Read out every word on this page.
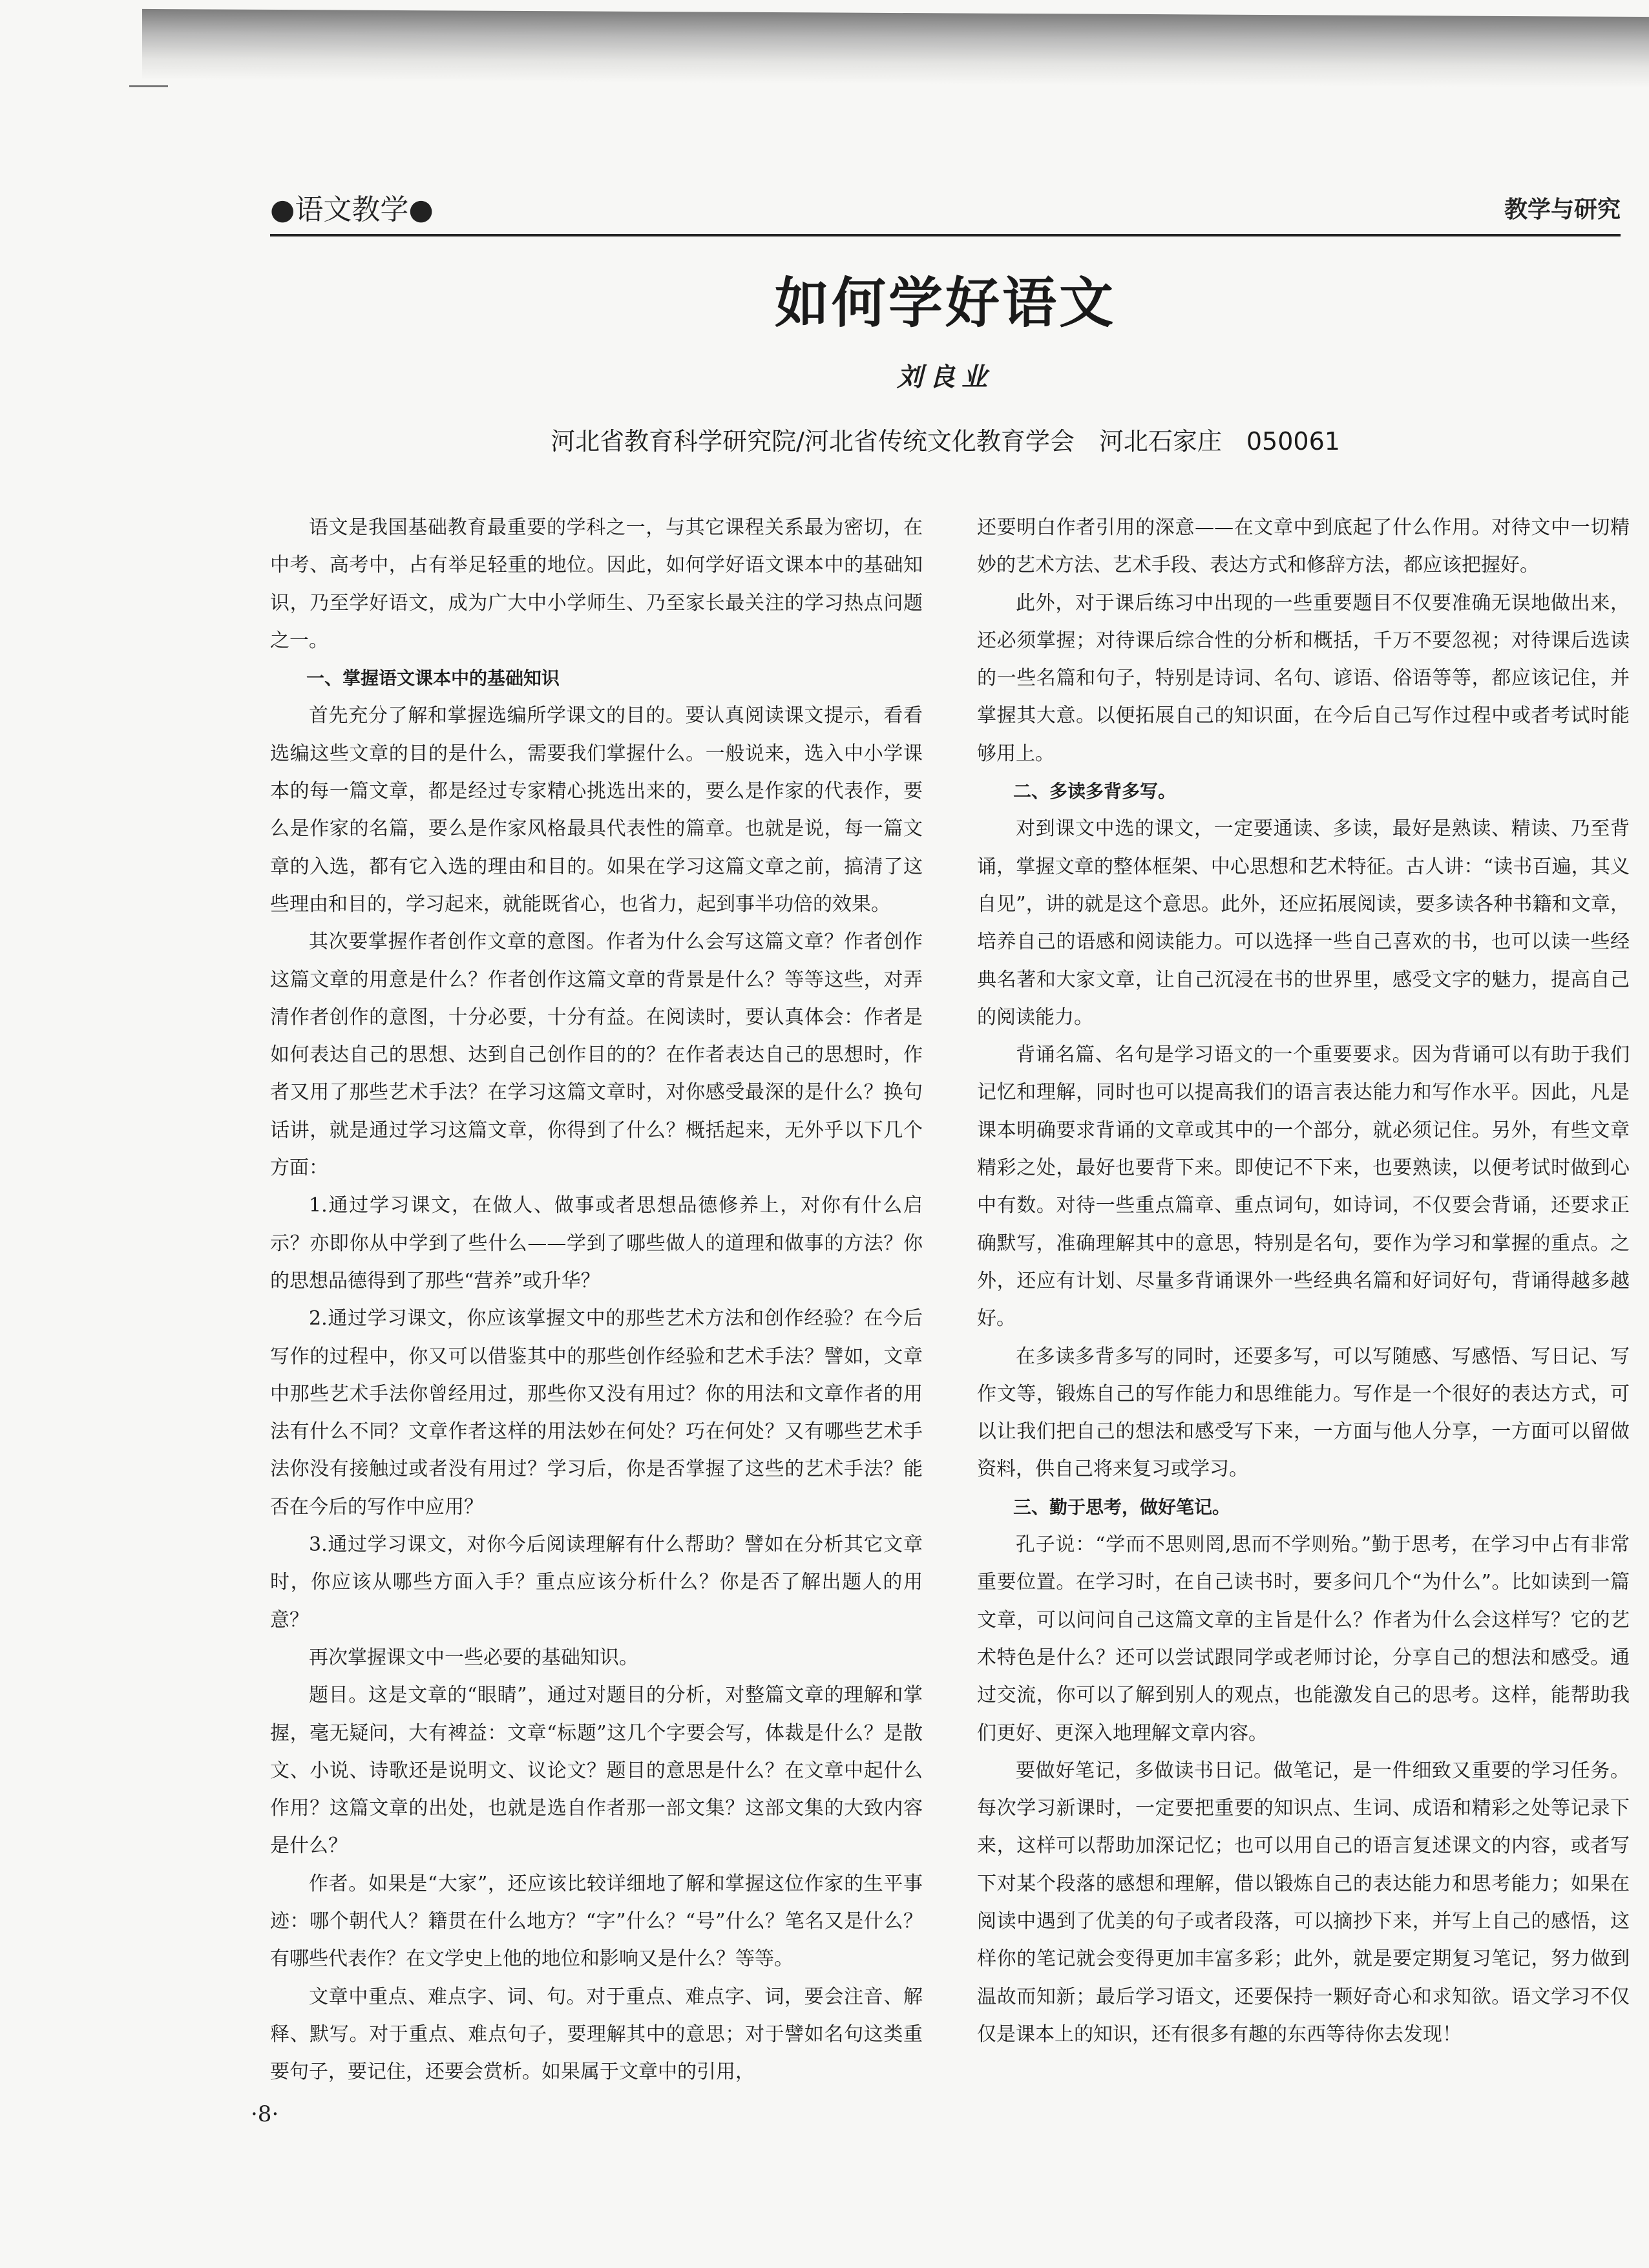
●语文教学●	教学与研究
如何学好语文
刘良业
河北省教育科学研究院/河北省传统文化教育学会　河北石家庄　050061

语文是我国基础教育最重要的学科之一，与其它课程关系最为密切，在中考、高考中，占有举足轻重的地位。因此，如何学好语文课本中的基础知识，乃至学好语文，成为广大中小学师生、乃至家长最关注的学习热点问题之一。

一、掌握语文课本中的基础知识

首先充分了解和掌握选编所学课文的目的。要认真阅读课文提示，看看选编这些文章的目的是什么，需要我们掌握什么。一般说来，选入中小学课本的每一篇文章，都是经过专家精心挑选出来的，要么是作家的代表作，要么是作家的名篇，要么是作家风格最具代表性的篇章。也就是说，每一篇文章的入选，都有它入选的理由和目的。如果在学习这篇文章之前，搞清了这些理由和目的，学习起来，就能既省心，也省力，起到事半功倍的效果。

其次要掌握作者创作文章的意图。作者为什么会写这篇文章？作者创作这篇文章的用意是什么？作者创作这篇文章的背景是什么？等等这些，对弄清作者创作的意图，十分必要，十分有益。在阅读时，要认真体会：作者是如何表达自己的思想、达到自己创作目的的？在作者表达自己的思想时，作者又用了那些艺术手法？在学习这篇文章时，对你感受最深的是什么？换句话讲，就是通过学习这篇文章，你得到了什么？概括起来，无外乎以下几个方面：

1.通过学习课文，在做人、做事或者思想品德修养上，对你有什么启示？亦即你从中学到了些什么——学到了哪些做人的道理和做事的方法？你的思想品德得到了那些“营养”或升华？

2.通过学习课文，你应该掌握文中的那些艺术方法和创作经验？在今后写作的过程中，你又可以借鉴其中的那些创作经验和艺术手法？譬如，文章中那些艺术手法你曾经用过，那些你又没有用过？你的用法和文章作者的用法有什么不同？文章作者这样的用法妙在何处？巧在何处？又有哪些艺术手法你没有接触过或者没有用过？学习后，你是否掌握了这些的艺术手法？能否在今后的写作中应用？

3.通过学习课文，对你今后阅读理解有什么帮助？譬如在分析其它文章时，你应该从哪些方面入手？重点应该分析什么？你是否了解出题人的用意？

再次掌握课文中一些必要的基础知识。

题目。这是文章的“眼睛”，通过对题目的分析，对整篇文章的理解和掌握，毫无疑问，大有裨益：文章“标题”这几个字要会写，体裁是什么？是散文、小说、诗歌还是说明文、议论文？题目的意思是什么？在文章中起什么作用？这篇文章的出处，也就是选自作者那一部文集？这部文集的大致内容是什么？

作者。如果是“大家”，还应该比较详细地了解和掌握这位作家的生平事迹：哪个朝代人？籍贯在什么地方？“字”什么？“号”什么？笔名又是什么？有哪些代表作？在文学史上他的地位和影响又是什么？等等。

文章中重点、难点字、词、句。对于重点、难点字、词，要会注音、解释、默写。对于重点、难点句子，要理解其中的意思；对于譬如名句这类重要句子，要记住，还要会赏析。如果属于文章中的引用，

还要明白作者引用的深意——在文章中到底起了什么作用。对待文中一切精妙的艺术方法、艺术手段、表达方式和修辞方法，都应该把握好。

此外，对于课后练习中出现的一些重要题目不仅要准确无误地做出来，还必须掌握；对待课后综合性的分析和概括，千万不要忽视；对待课后选读的一些名篇和句子，特别是诗词、名句、谚语、俗语等等，都应该记住，并掌握其大意。以便拓展自己的知识面，在今后自己写作过程中或者考试时能够用上。

二、多读多背多写。

对到课文中选的课文，一定要通读、多读，最好是熟读、精读、乃至背诵，掌握文章的整体框架、中心思想和艺术特征。古人讲：“读书百遍，其义自见”，讲的就是这个意思。此外，还应拓展阅读，要多读各种书籍和文章，培养自己的语感和阅读能力。可以选择一些自己喜欢的书，也可以读一些经典名著和大家文章，让自己沉浸在书的世界里，感受文字的魅力，提高自己的阅读能力。

背诵名篇、名句是学习语文的一个重要要求。因为背诵可以有助于我们记忆和理解，同时也可以提高我们的语言表达能力和写作水平。因此，凡是课本明确要求背诵的文章或其中的一个部分，就必须记住。另外，有些文章精彩之处，最好也要背下来。即使记不下来，也要熟读，以便考试时做到心中有数。对待一些重点篇章、重点词句，如诗词，不仅要会背诵，还要求正确默写，准确理解其中的意思，特别是名句，要作为学习和掌握的重点。之外，还应有计划、尽量多背诵课外一些经典名篇和好词好句，背诵得越多越好。

在多读多背多写的同时，还要多写，可以写随感、写感悟、写日记、写作文等，锻炼自己的写作能力和思维能力。写作是一个很好的表达方式，可以让我们把自己的想法和感受写下来，一方面与他人分享，一方面可以留做资料，供自己将来复习或学习。

三、勤于思考，做好笔记。

孔子说：“学而不思则罔,思而不学则殆。”勤于思考，在学习中占有非常重要位置。在学习时，在自己读书时，要多问几个“为什么”。比如读到一篇文章，可以问问自己这篇文章的主旨是什么？作者为什么会这样写？它的艺术特色是什么？还可以尝试跟同学或老师讨论，分享自己的想法和感受。通过交流，你可以了解到别人的观点，也能激发自己的思考。这样，能帮助我们更好、更深入地理解文章内容。

要做好笔记，多做读书日记。做笔记，是一件细致又重要的学习任务。每次学习新课时，一定要把重要的知识点、生词、成语和精彩之处等记录下来，这样可以帮助加深记忆；也可以用自己的语言复述课文的内容，或者写下对某个段落的感想和理解，借以锻炼自己的表达能力和思考能力；如果在阅读中遇到了优美的句子或者段落，可以摘抄下来，并写上自己的感悟，这样你的笔记就会变得更加丰富多彩；此外，就是要定期复习笔记，努力做到温故而知新；最后学习语文，还要保持一颗好奇心和求知欲。语文学习不仅仅是课本上的知识，还有很多有趣的东西等待你去发现！

·8·
